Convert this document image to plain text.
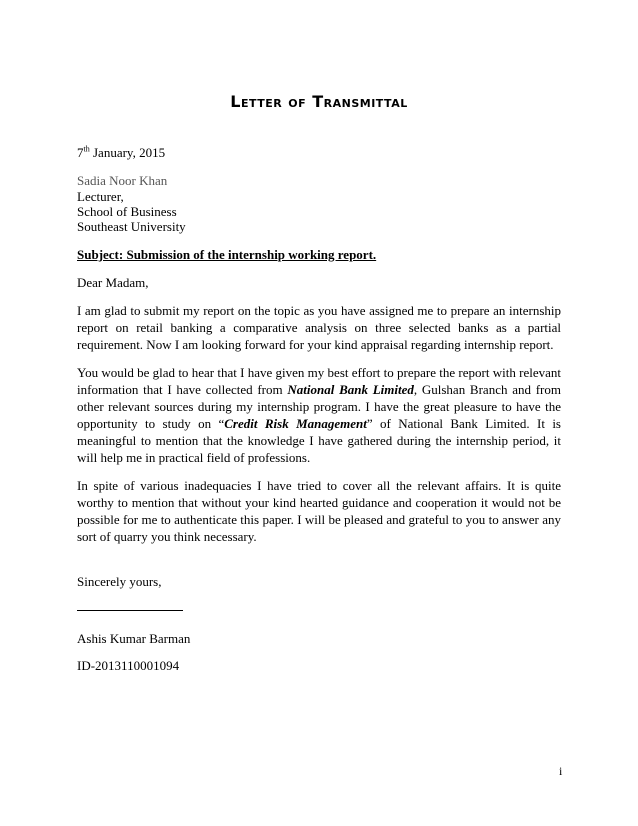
Letter of Transmittal
7th January, 2015
Sadia Noor Khan
Lecturer,
School of Business
Southeast University
Subject: Submission of the internship working report.
Dear Madam,

I am glad to submit my report on the topic as you have assigned me to prepare an internship report on retail banking a comparative analysis on three selected banks as a partial requirement. Now I am looking forward for your kind appraisal regarding internship report.

You would be glad to hear that I have given my best effort to prepare the report with relevant information that I have collected from National Bank Limited, Gulshan Branch and from other relevant sources during my internship program. I have the great pleasure to have the opportunity to study on “Credit Risk Management” of National Bank Limited. It is meaningful to mention that the knowledge I have gathered during the internship period, it will help me in practical field of professions.

In spite of various inadequacies I have tried to cover all the relevant affairs. It is quite worthy to mention that without your kind hearted guidance and cooperation it would not be possible for me to authenticate this paper. I will be pleased and grateful to you to answer any sort of quarry you think necessary.

Sincerely yours,
Ashis Kumar Barman
ID-2013110001094
i
